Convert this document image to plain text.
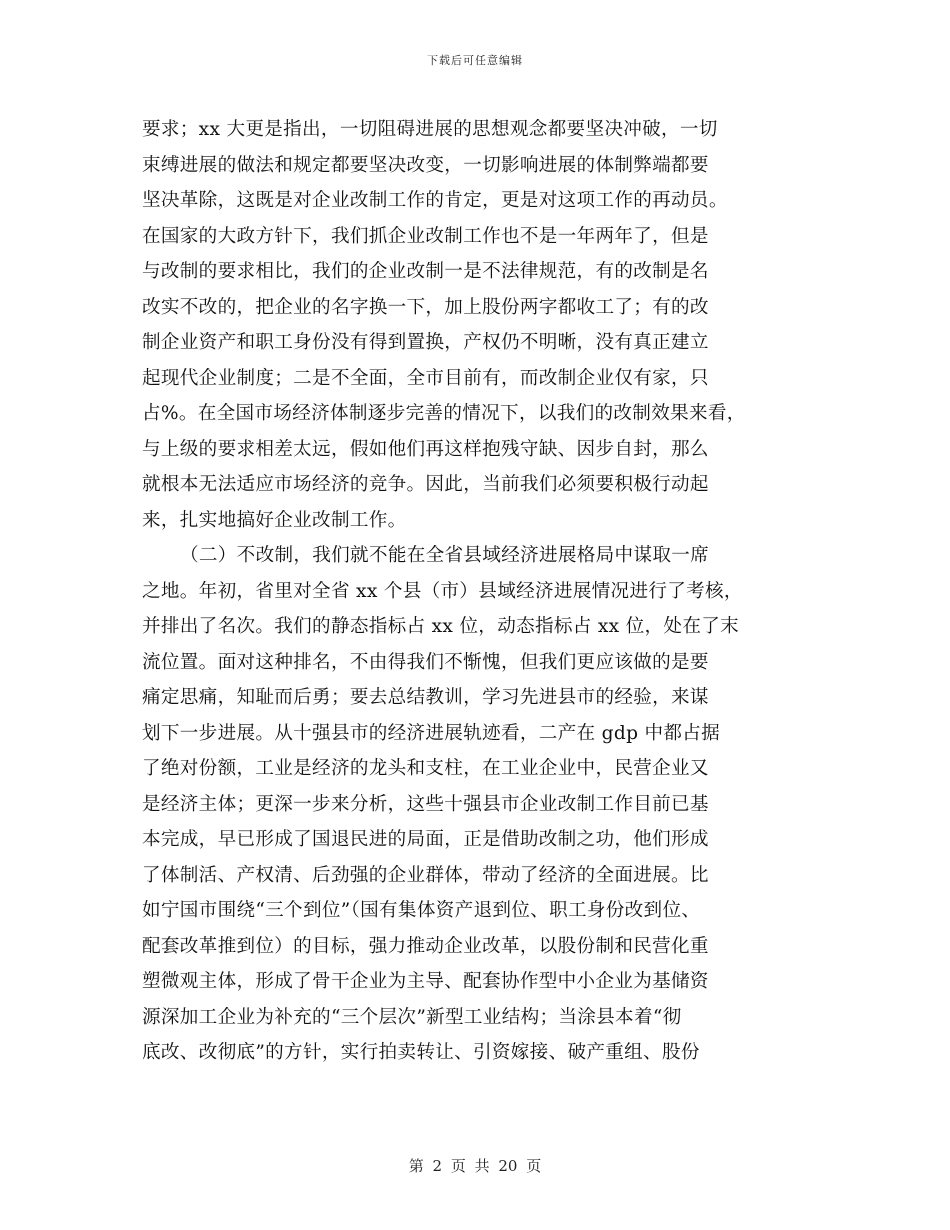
下载后可任意编辑
要求；xx 大更是指出，一切阻碍进展的思想观念都要坚决冲破，一切
束缚进展的做法和规定都要坚决改变，一切影响进展的体制弊端都要
坚决革除，这既是对企业改制工作的肯定，更是对这项工作的再动员。
在国家的大政方针下，我们抓企业改制工作也不是一年两年了，但是
与改制的要求相比，我们的企业改制一是不法律规范，有的改制是名
改实不改的，把企业的名字换一下，加上股份两字都收工了；有的改
制企业资产和职工身份没有得到置换，产权仍不明晰，没有真正建立
起现代企业制度；二是不全面，全市目前有，而改制企业仅有家，只
占%。在全国市场经济体制逐步完善的情况下，以我们的改制效果来看，
与上级的要求相差太远，假如他们再这样抱残守缺、因步自封，那么
就根本无法适应市场经济的竞争。因此，当前我们必须要积极行动起
来，扎实地搞好企业改制工作。
（二）不改制，我们就不能在全省县域经济进展格局中谋取一席
之地。年初，省里对全省 xx 个县（市）县域经济进展情况进行了考核，
并排出了名次。我们的静态指标占 xx 位，动态指标占 xx 位，处在了末
流位置。面对这种排名，不由得我们不惭愧，但我们更应该做的是要
痛定思痛，知耻而后勇；要去总结教训，学习先进县市的经验，来谋
划下一步进展。从十强县市的经济进展轨迹看，二产在 gdp 中都占据
了绝对份额，工业是经济的龙头和支柱，在工业企业中，民营企业又
是经济主体；更深一步来分析，这些十强县市企业改制工作目前已基
本完成，早已形成了国退民进的局面，正是借助改制之功，他们形成
了体制活、产权清、后劲强的企业群体，带动了经济的全面进展。比
如宁国市围绕“三个到位”（国有集体资产退到位、职工身份改到位、
配套改革推到位）的目标，强力推动企业改革，以股份制和民营化重
塑微观主体，形成了骨干企业为主导、配套协作型中小企业为基储资
源深加工企业为补充的“三个层次”新型工业结构；当涂县本着“彻
底改、改彻底”的方针，实行拍卖转让、引资嫁接、破产重组、股份
第 2 页 共 20 页
